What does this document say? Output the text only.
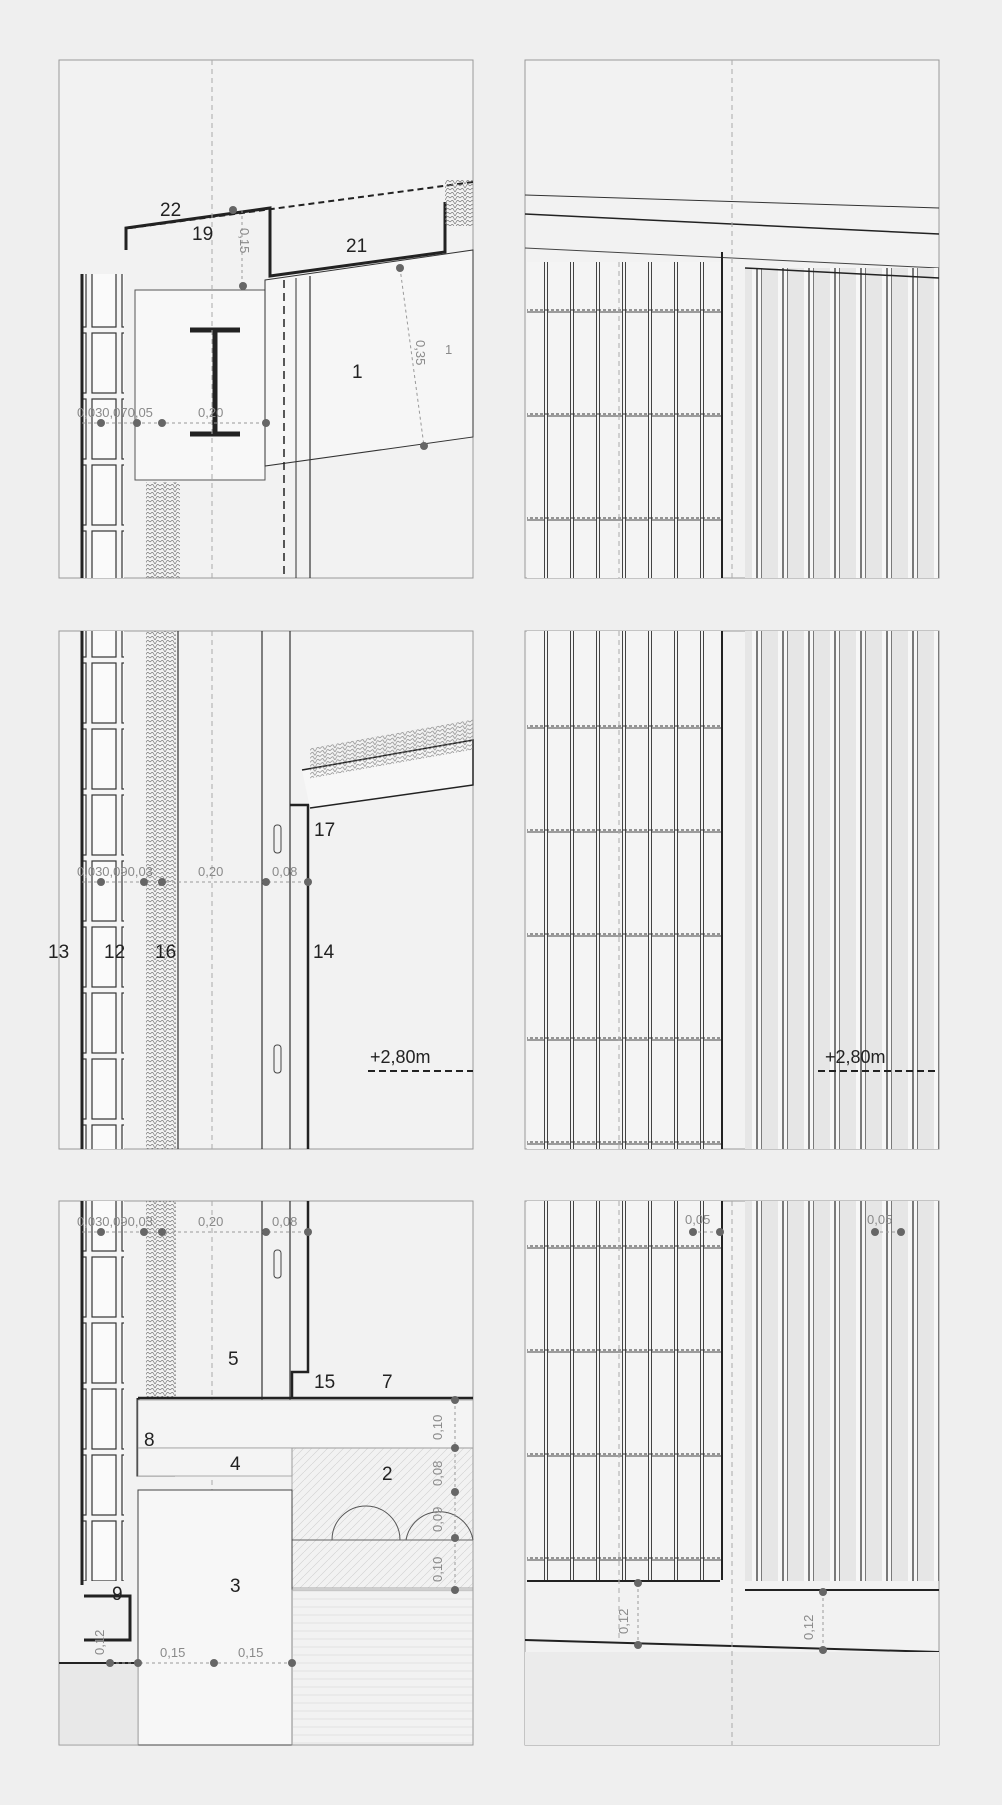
22
19
21
1
1
0,030,070,05	0,20
0,15
0,35
17
13 12 16	14
+2,80m
0,030,090,03	0,20	0,08
+2,80m
5
15 7
8
4	2
3
9
0,030,090,03	0,20	0,08
0,10
0,08
0,09
0,10
0,12	0,15	0,15
0,05	0,05
0,12	0,12
